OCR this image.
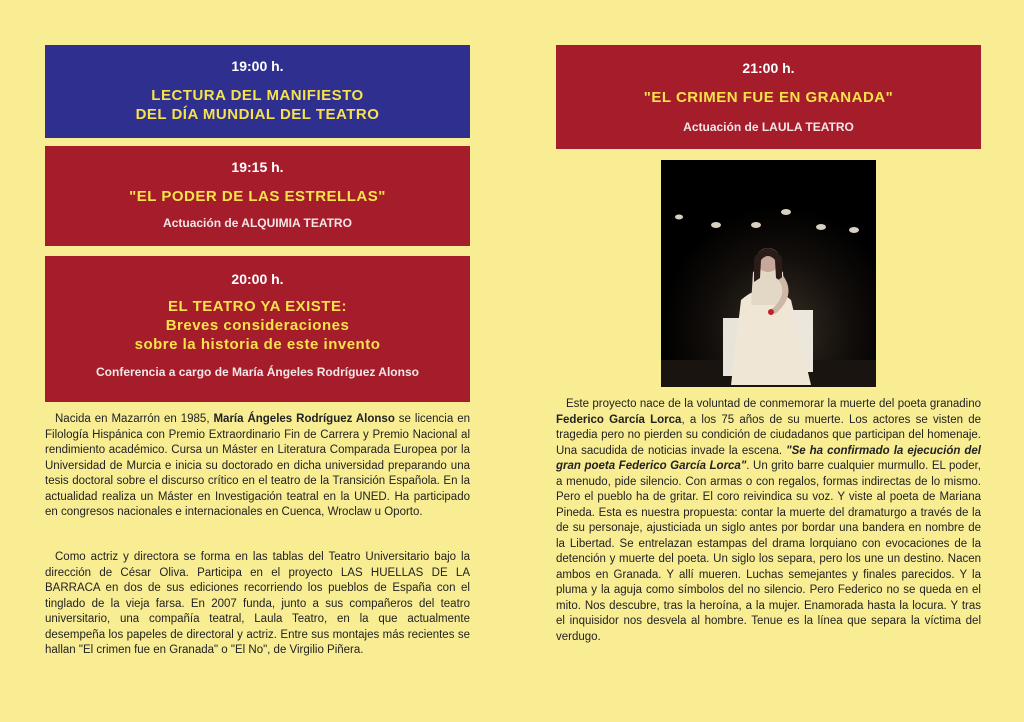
19:00 h.
LECTURA DEL MANIFIESTO
DEL DÍA MUNDIAL DEL TEATRO
19:15 h.
"EL PODER DE LAS ESTRELLAS"
Actuación de ALQUIMIA TEATRO
20:00 h.
EL TEATRO YA EXISTE:
Breves consideraciones
sobre la historia de este invento
Conferencia a cargo de María Ángeles Rodríguez Alonso

Nacida en Mazarrón en 1985, María Ángeles Rodríguez Alonso se licencia en Filología Hispánica con Premio Extraordinario Fin de Carrera y Premio Nacional al rendimiento académico. Cursa un Máster en Literatura Comparada Europea por la Universidad de Murcia e inicia su doctorado en dicha universidad preparando una tesis doctoral sobre el discurso crítico en el teatro de la Transición Española. En la actualidad realiza un Máster en Investigación teatral en la UNED. Ha participado en congresos nacionales e internacionales en Cuenca, Wroclaw u Oporto.

Como actriz y directora se forma en las tablas del Teatro Universitario bajo la dirección de César Oliva. Participa en el proyecto LAS HUELLAS DE LA BARRACA en dos de sus ediciones recorriendo los pueblos de España con el tinglado de la vieja farsa. En 2007 funda, junto a sus compañeros del teatro universitario, una compañía teatral, Laula Teatro, en la que actualmente desempeña los papeles de directoral y actriz. Entre sus montajes más recientes se hallan "El crimen fue en Granada" o "El No", de Virgilio Piñera.

21:00 h.
"EL CRIMEN FUE EN GRANADA"
Actuación de LAULA TEATRO

Este proyecto nace de la voluntad de conmemorar la muerte del poeta granadino Federico García Lorca, a los 75 años de su muerte. Los actores se visten de tragedia pero no pierden su condición de ciudadanos que participan del homenaje. Una sacudida de noticias invade la escena. "Se ha confirmado la ejecución del gran poeta Federico García Lorca". Un grito barre cualquier murmullo. EL poder, a menudo, pide silencio. Con armas o con regalos, formas indirectas de lo mismo. Pero el pueblo ha de gritar. El coro reivindica su voz. Y viste al poeta de Mariana Pineda. Esta es nuestra propuesta: contar la muerte del dramaturgo a través de la de su personaje, ajusticiada un siglo antes por bordar una bandera en nombre de la Libertad. Se entrelazan estampas del drama lorquiano con evocaciones de la detención y muerte del poeta. Un siglo los separa, pero los une un destino. Nacen ambos en Granada. Y allí mueren. Luchas semejantes y finales parecidos. Y la pluma y la aguja como símbolos del no silencio. Pero Federico no se queda en el mito. Nos descubre, tras la heroína, a la mujer. Enamorada hasta la locura. Y tras el inquisidor nos desvela al hombre. Tenue es la línea que separa la víctima del verdugo.
